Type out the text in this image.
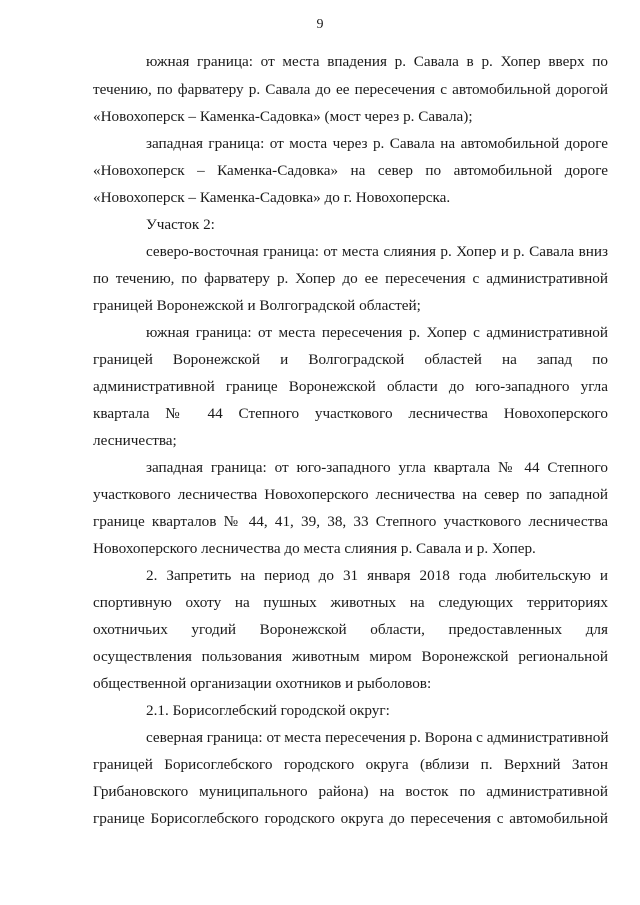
9
южная граница: от места впадения р. Савала в р. Хопер вверх по
течению, по фарватеру р. Савала до ее пересечения с автомобильной дорогой
«Новохоперск – Каменка-Садовка» (мост через р. Савала);
западная граница: от моста через р. Савала на автомобильной дороге
«Новохоперск – Каменка-Садовка» на север по автомобильной дороге
«Новохоперск – Каменка-Садовка» до г. Новохоперска.
Участок 2:
северо-восточная граница: от места слияния р. Хопер и р. Савала вниз
по течению, по фарватеру р. Хопер до ее пересечения с административной
границей Воронежской и Волгоградской областей;
южная граница: от места пересечения р. Хопер с административной
границей Воронежской и Волгоградской областей на запад по
административной границе Воронежской области до юго-западного угла
квартала № 44 Степного участкового лесничества Новохоперского
лесничества;
западная граница: от юго-западного угла квартала № 44 Степного
участкового лесничества Новохоперского лесничества на север по западной
границе кварталов № 44, 41, 39, 38, 33 Степного участкового лесничества
Новохоперского лесничества до места слияния р. Савала и р. Хопер.
2. Запретить на период до 31 января 2018 года любительскую и
спортивную охоту на пушных животных на следующих территориях
охотничьих угодий Воронежской области, предоставленных для
осуществления пользования животным миром Воронежской региональной
общественной организации охотников и рыболовов:
2.1. Борисоглебский городской округ:
северная граница: от места пересечения р. Ворона с административной
границей Борисоглебского городского округа (вблизи п. Верхний Затон
Грибановского муниципального района) на восток по административной
границе Борисоглебского городского округа до пересечения с автомобильной
